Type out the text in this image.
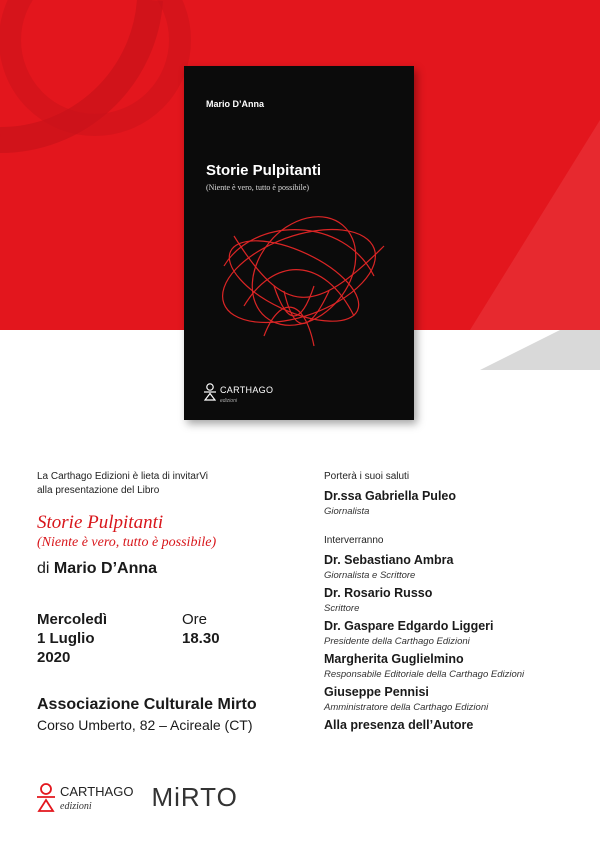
Mario D’Anna
Storie Pulpitanti
(Niente è vero, tutto è possibile)
CARTHAGO
edizioni
La Carthago Edizioni è lieta di invitarVi
alla presentazione del Libro
Storie Pulpitanti
(Niente è vero, tutto è possibile)
di Mario D’Anna
Mercoledì
1 Luglio
2020
Ore
18.30
Associazione Culturale Mirto
Corso Umberto, 82 – Acireale (CT)
Porterà i suoi saluti
Dr.ssa Gabriella Puleo
Giornalista
Interverranno
Dr. Sebastiano Ambra
Giornalista e Scrittore
Dr. Rosario Russo
Scrittore
Dr. Gaspare Edgardo Liggeri
Presidente della Carthago Edizioni
Margherita Guglielmino
Responsabile Editoriale della Carthago Edizioni
Giuseppe Pennisi
Amministratore della Carthago Edizioni
Alla presenza dell’Autore
CARTHAGO
edizioni	MiRTO
